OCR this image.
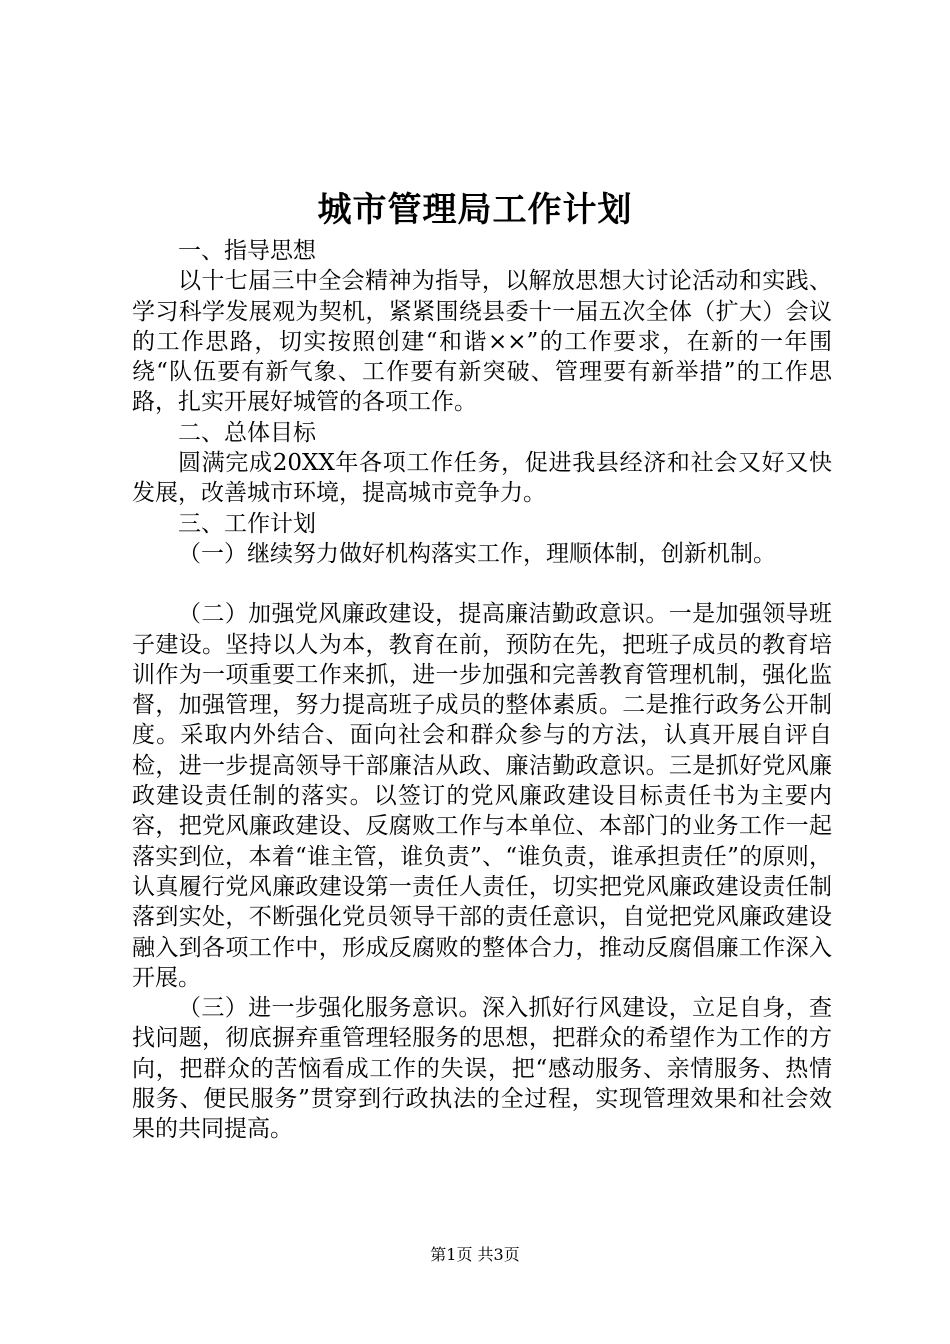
城市管理局工作计划

一、指导思想

以十七届三中全会精神为指导，以解放思想大讨论活动和实践、学习科学发展观为契机，紧紧围绕县委十一届五次全体（扩大）会议的工作思路，切实按照创建“和谐××”的工作要求，在新的一年围绕“队伍要有新气象、工作要有新突破、管理要有新举措”的工作思路，扎实开展好城管的各项工作。

二、总体目标

圆满完成20XX年各项工作任务，促进我县经济和社会又好又快发展，改善城市环境，提高城市竞争力。

三、工作计划

（一）继续努力做好机构落实工作，理顺体制，创新机制。

（二）加强党风廉政建设，提高廉洁勤政意识。一是加强领导班子建设。坚持以人为本，教育在前，预防在先，把班子成员的教育培训作为一项重要工作来抓，进一步加强和完善教育管理机制，强化监督，加强管理，努力提高班子成员的整体素质。二是推行政务公开制度。采取内外结合、面向社会和群众参与的方法，认真开展自评自检，进一步提高领导干部廉洁从政、廉洁勤政意识。三是抓好党风廉政建设责任制的落实。以签订的党风廉政建设目标责任书为主要内容，把党风廉政建设、反腐败工作与本单位、本部门的业务工作一起落实到位，本着“谁主管，谁负责”、“谁负责，谁承担责任”的原则，认真履行党风廉政建设第一责任人责任，切实把党风廉政建设责任制落到实处，不断强化党员领导干部的责任意识，自觉把党风廉政建设融入到各项工作中，形成反腐败的整体合力，推动反腐倡廉工作深入开展。

（三）进一步强化服务意识。深入抓好行风建设，立足自身，查找问题，彻底摒弃重管理轻服务的思想，把群众的希望作为工作的方向，把群众的苦恼看成工作的失误，把“感动服务、亲情服务、热情服务、便民服务”贯穿到行政执法的全过程，实现管理效果和社会效果的共同提高。

第1页 共3页
